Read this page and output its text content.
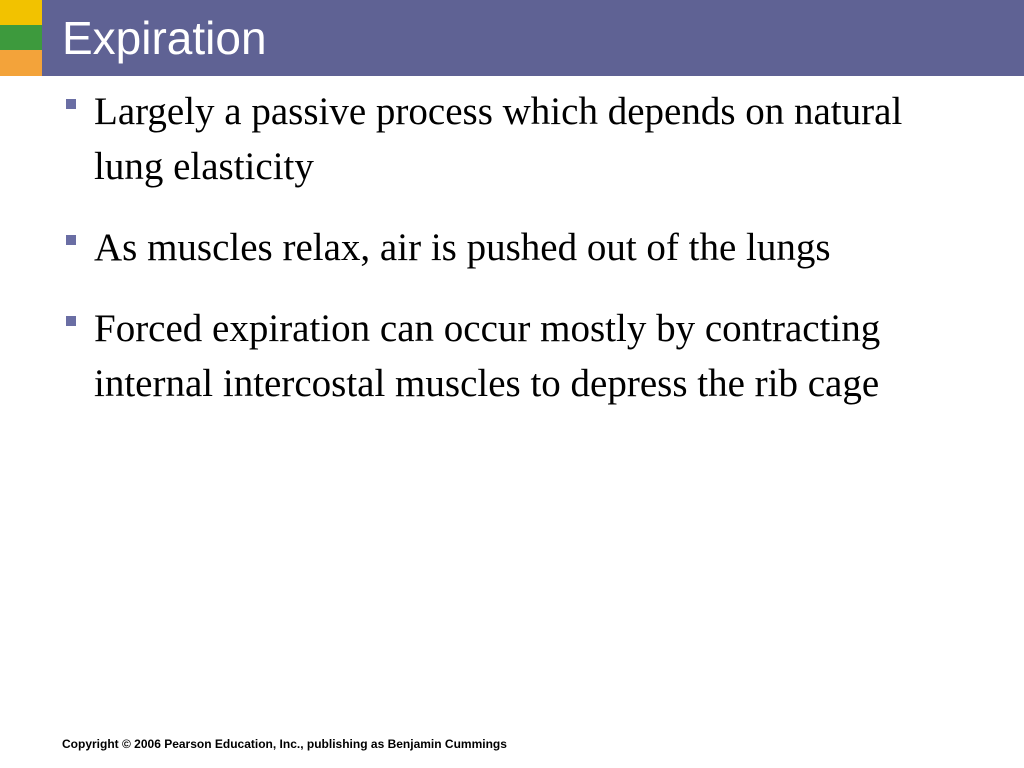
Expiration
Largely a passive process which depends on natural lung elasticity
As muscles relax, air is pushed out of the lungs
Forced expiration can occur mostly by contracting internal intercostal muscles to depress the rib cage
Copyright © 2006 Pearson Education, Inc., publishing as Benjamin Cummings
